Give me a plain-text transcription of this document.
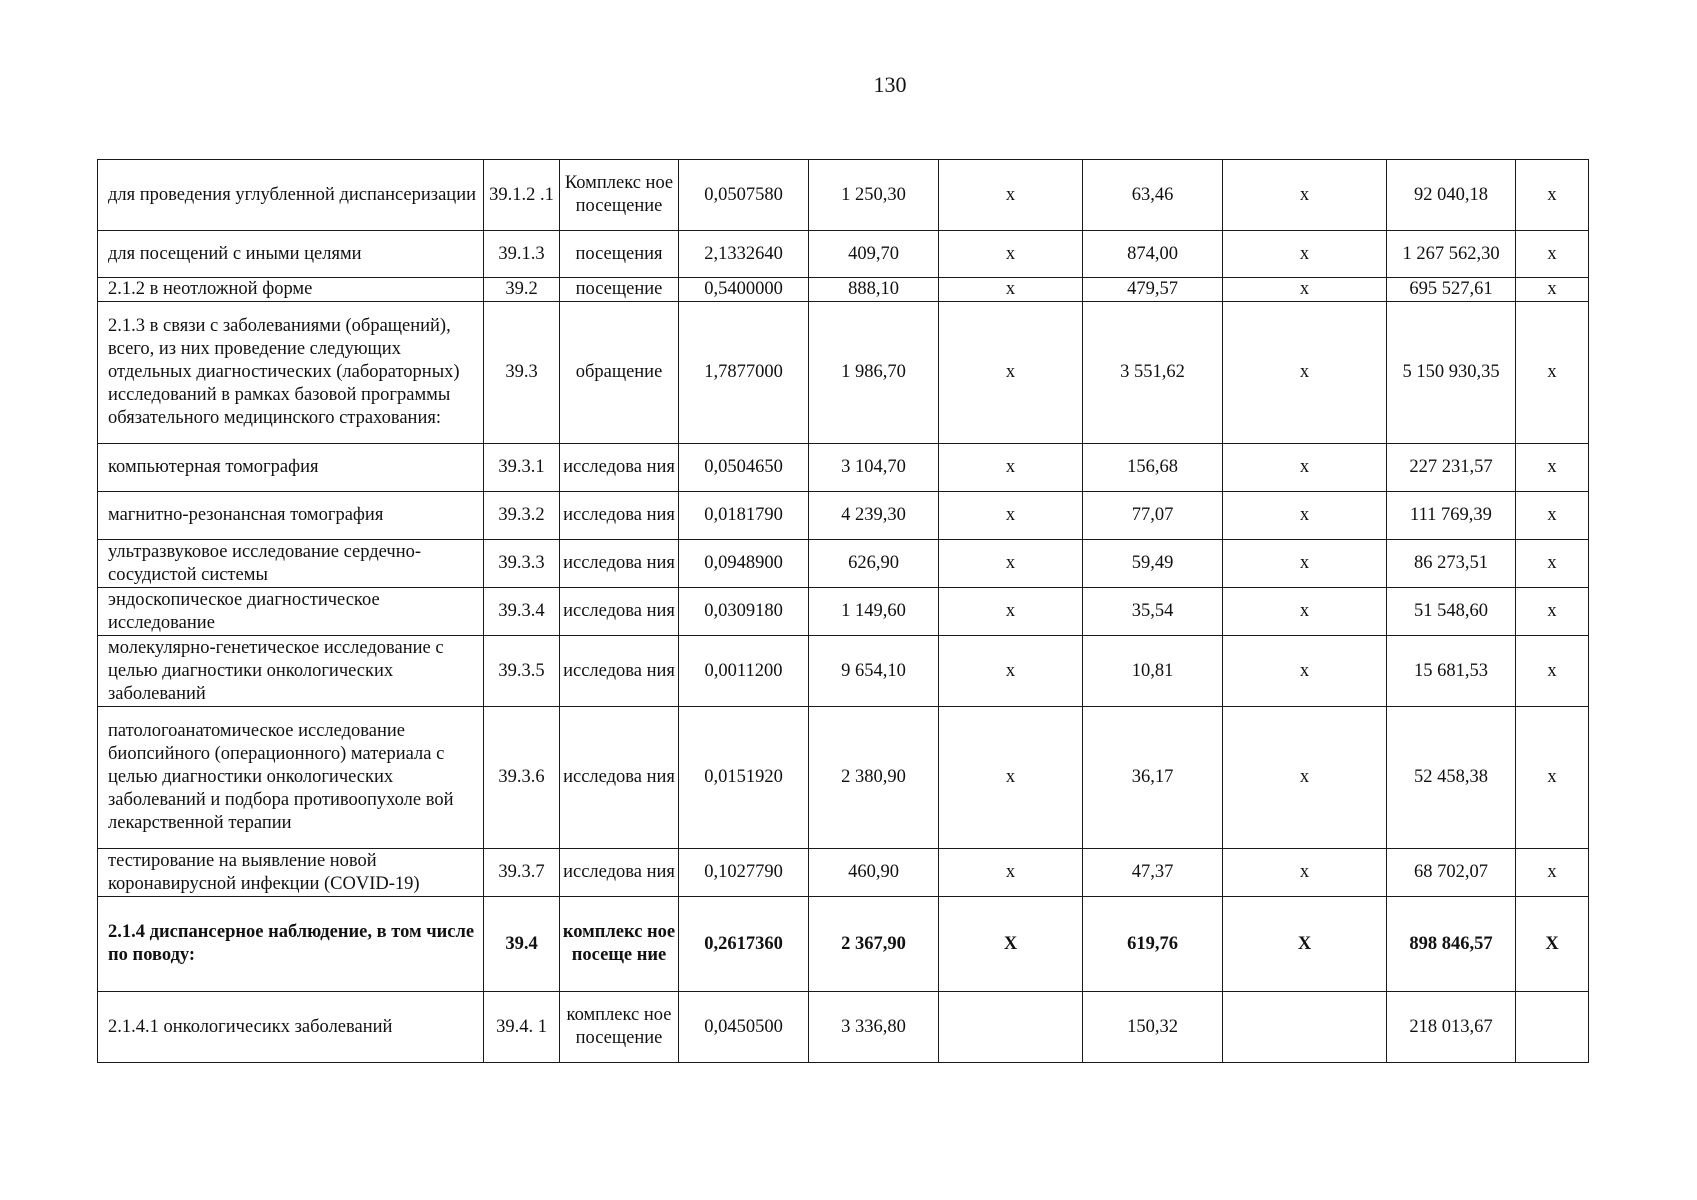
130
для проведения углубленной диспансеризации	39.1.2 .1	Комплекс ное посещение	0,0507580	1 250,30	х	63,46	х	92 040,18	х
для посещений с иными целями	39.1.3	посещения	2,1332640	409,70	х	874,00	х	1 267 562,30	х
2.1.2 в неотложной форме	39.2	посещение	0,5400000	888,10	х	479,57	х	695 527,61	х
2.1.3 в связи с заболеваниями (обращений), всего, из них проведение следующих отдельных диагностических (лабораторных) исследований в рамках базовой программы обязательного медицинского страхования:	39.3	обращение	1,7877000	1 986,70	х	3 551,62	х	5 150 930,35	х
компьютерная томография	39.3.1	исследова ния	0,0504650	3 104,70	х	156,68	х	227 231,57	х
магнитно-резонансная томография	39.3.2	исследова ния	0,0181790	4 239,30	х	77,07	х	111 769,39	х
ультразвуковое исследование сердечно-сосудистой системы	39.3.3	исследова ния	0,0948900	626,90	х	59,49	х	86 273,51	х
эндоскопическое диагностическое исследование	39.3.4	исследова ния	0,0309180	1 149,60	х	35,54	х	51 548,60	х
молекулярно-генетическое исследование с целью диагностики онкологических заболеваний	39.3.5	исследова ния	0,0011200	9 654,10	х	10,81	х	15 681,53	х
патологоанатомическое исследование биопсийного (операционного) материала с целью диагностики онкологических заболеваний и подбора противоопухоле вой лекарственной терапии	39.3.6	исследова ния	0,0151920	2 380,90	х	36,17	х	52 458,38	х
тестирование на выявление новой коронавирусной инфекции (COVID-19)	39.3.7	исследова ния	0,1027790	460,90	х	47,37	х	68 702,07	х
2.1.4 диспансерное наблюдение, в том числе по поводу:	39.4	комплекс ное посеще ние	0,2617360	2 367,90	Х	619,76	Х	898 846,57	Х
2.1.4.1 онкологичесикх заболеваний	39.4. 1	комплекс ное посещение	0,0450500	3 336,80		150,32		218 013,67	
